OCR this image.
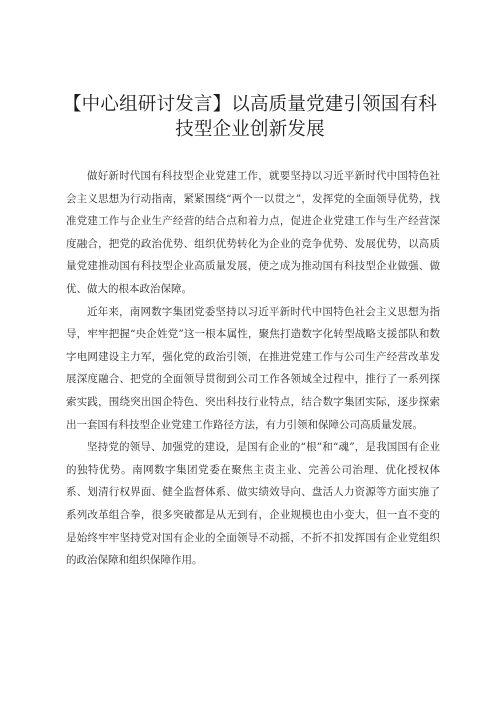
【中心组研讨发言】以高质量党建引领国有科
技型企业创新发展

做好新时代国有科技型企业党建工作，就要坚持以习近平新时代中国特色社会主义思想为行动指南，紧紧围绕“两个一以贯之”，发挥党的全面领导优势，找准党建工作与企业生产经营的结合点和着力点，促进企业党建工作与生产经营深度融合，把党的政治优势、组织优势转化为企业的竞争优势、发展优势，以高质量党建推动国有科技型企业高质量发展，使之成为推动国有科技型企业做强、做优、做大的根本政治保障。

近年来，南网数字集团党委坚持以习近平新时代中国特色社会主义思想为指导，牢牢把握“央企姓党”这一根本属性，聚焦打造数字化转型战略支援部队和数字电网建设主力军，强化党的政治引领，在推进党建工作与公司生产经营改革发展深度融合、把党的全面领导贯彻到公司工作各领域全过程中，推行了一系列探索实践，围绕突出国企特色、突出科技行业特点，结合数字集团实际，逐步探索出一套国有科技型企业党建工作路径方法，有力引领和保障公司高质量发展。

坚持党的领导、加强党的建设，是国有企业的“根”和“魂”，是我国国有企业的独特优势。南网数字集团党委在聚焦主责主业、完善公司治理、优化授权体系、划清行权界面、健全监督体系、做实绩效导向、盘活人力资源等方面实施了系列改革组合拳，很多突破都是从无到有，企业规模也由小变大，但一直不变的是始终牢牢坚持党对国有企业的全面领导不动摇，不折不扣发挥国有企业党组织的政治保障和组织保障作用。
